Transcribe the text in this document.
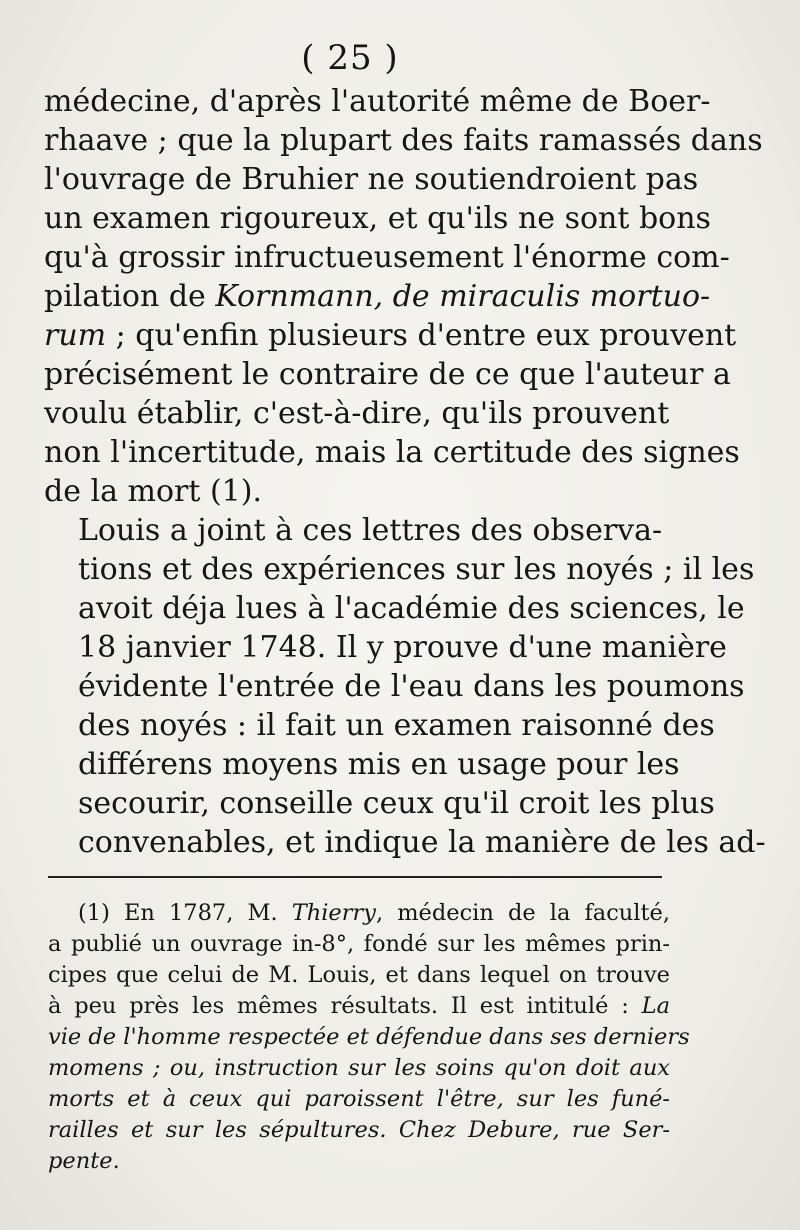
( 25 )

médecine, d'après l'autorité même de Boer-
rhaave ; que la plupart des faits ramassés dans
l'ouvrage de Bruhier ne soutiendroient pas
un examen rigoureux, et qu'ils ne sont bons
qu'à grossir infructueusement l'énorme com-
pilation de Kornmann, de miraculis mortuo-
rum ; qu'enfin plusieurs d'entre eux prouvent
précisément le contraire de ce que l'auteur a
voulu établir, c'est-à-dire, qu'ils prouvent
non l'incertitude, mais la certitude des signes
de la mort (1).

Louis a joint à ces lettres des observa-
tions et des expériences sur les noyés ; il les
avoit déja lues à l'académie des sciences, le
18 janvier 1748. Il y prouve d'une manière
évidente l'entrée de l'eau dans les poumons
des noyés : il fait un examen raisonné des
différens moyens mis en usage pour les
secourir, conseille ceux qu'il croit les plus
convenables, et indique la manière de les ad-

(1) En 1787, M. Thierry, médecin de la faculté,
a publié un ouvrage in-8°, fondé sur les mêmes prin-
cipes que celui de M. Louis, et dans lequel on trouve
à peu près les mêmes résultats. Il est intitulé : La
vie de l'homme respectée et défendue dans ses derniers
momens ; ou, instruction sur les soins qu'on doit aux
morts et à ceux qui paroissent l'être, sur les funé-
railles et sur les sépultures. Chez Debure, rue Ser-
pente.
